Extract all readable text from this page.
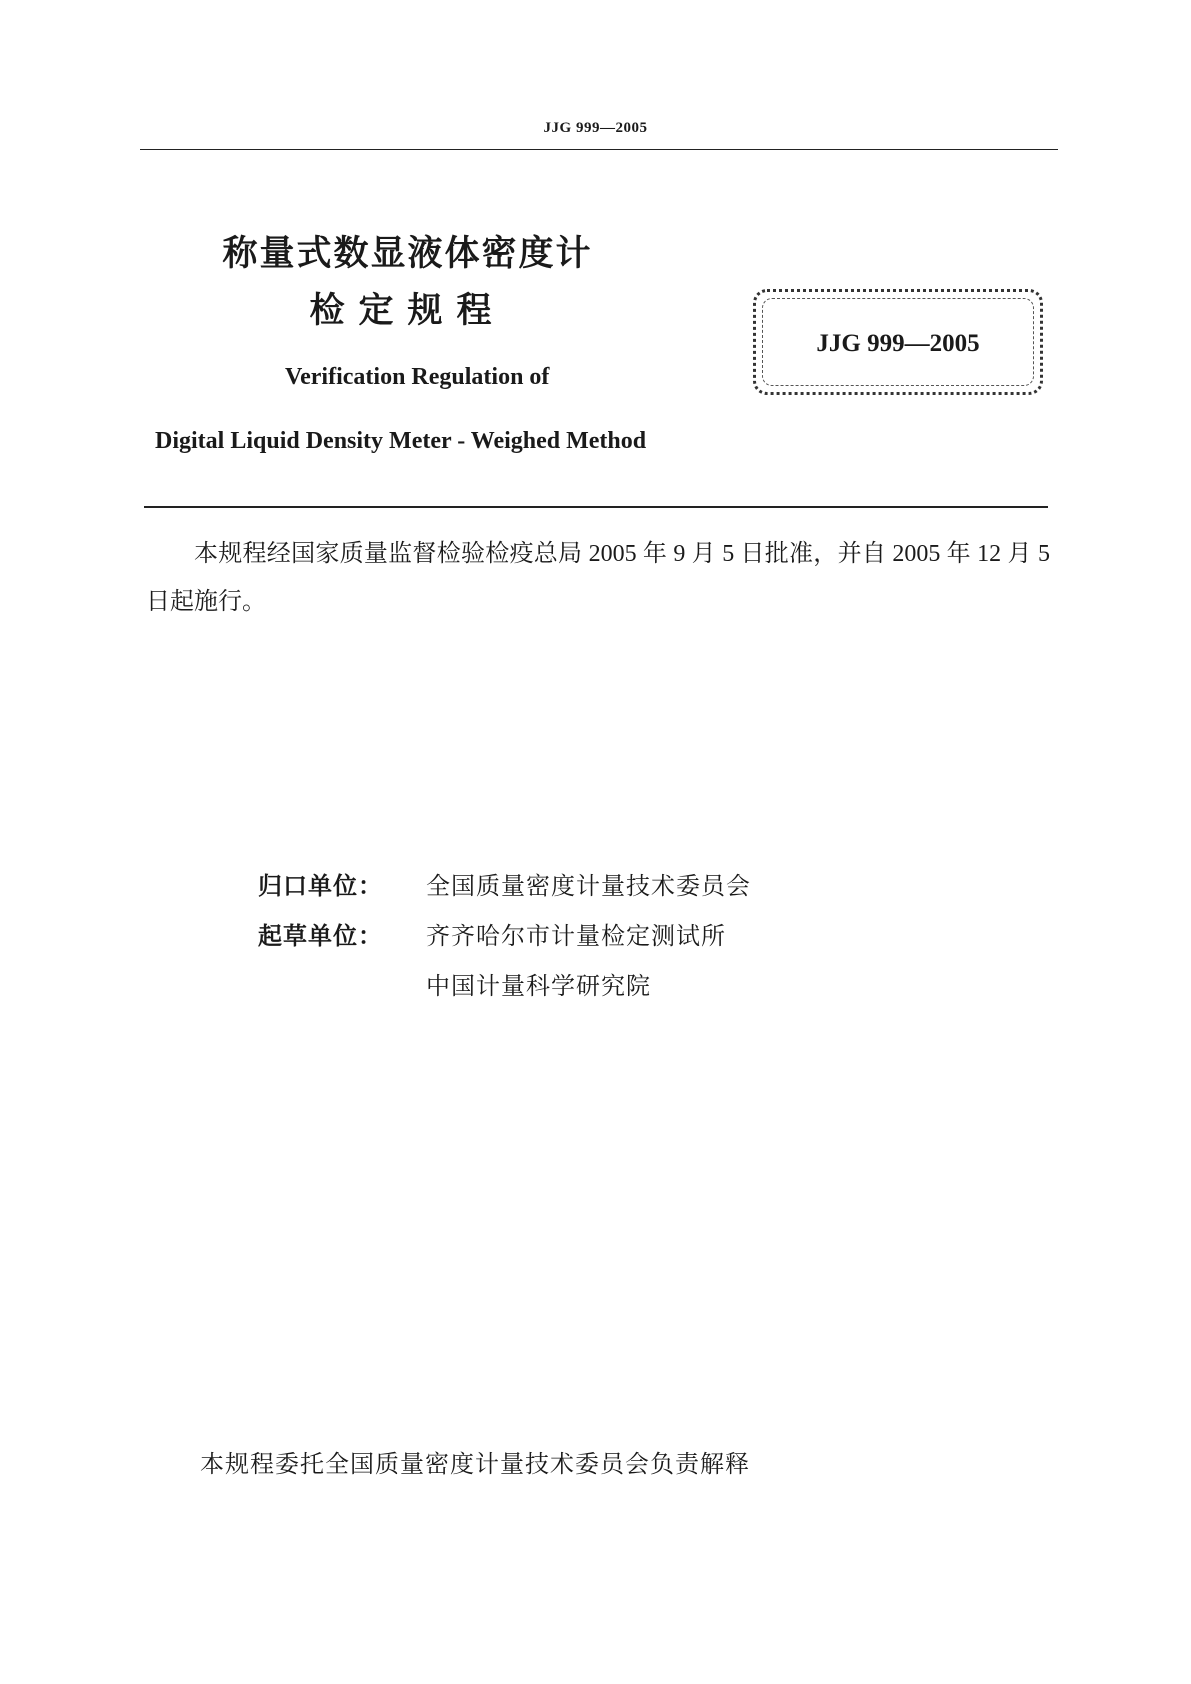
JJG 999—2005
称量式数显液体密度计
检定规程
JJG 999—2005
Verification Regulation of
Digital Liquid Density Meter - Weighed Method
本规程经国家质量监督检验检疫总局 2005 年 9 月 5 日批准，并自 2005 年 12 月 5 日起施行。
归口单位： 全国质量密度计量技术委员会
起草单位： 齐齐哈尔市计量检定测试所
中国计量科学研究院
本规程委托全国质量密度计量技术委员会负责解释
